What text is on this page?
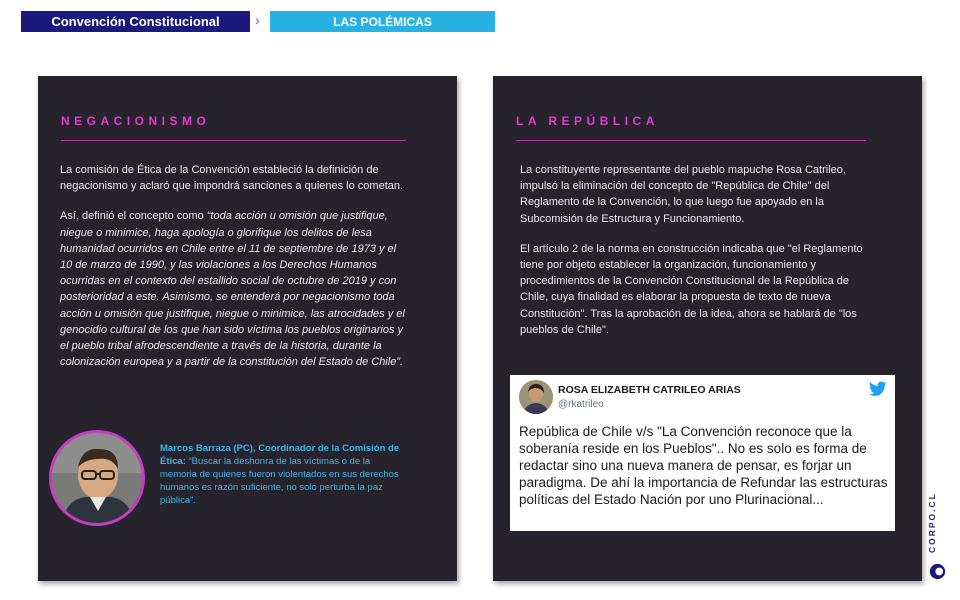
Convención Constitucional	›	LAS POLÉMICAS
NEGACIONISMO

La comisión de Ética de la Convención estableció la definición de negacionismo y aclaró que impondrá sanciones a quienes lo cometan.

Así, definió el concepto como “toda acción u omisión que justifique, niegue o minimice, haga apología o glorifique los delitos de lesa humanidad ocurridos en Chile entre el 11 de septiembre de 1973 y el 10 de marzo de 1990, y las violaciones a los Derechos Humanos ocurridas en el contexto del estallido social de octubre de 2019 y con posterioridad a este. Asimismo, se entenderá por negacionismo toda acción u omisión que justifique, niegue o minimice, las atrocidades y el genocidio cultural de los que han sido víctima los pueblos originarios y el pueblo tribal afrodescendiente a través de la historia, durante la colonización europea y a partir de la constitución del Estado de Chile”.

Marcos Barraza (PC), Coordinador de la Comisión de Ética: “Buscar la deshonra de las víctimas o de la memoria de quienes fueron violentados en sus derechos humanos es razón suficiente, no solo perturba la paz pública”.
LA REPÚBLICA

La constituyente representante del pueblo mapuche Rosa Catrileo, impulsó la eliminación del concepto de "República de Chile" del Reglamento de la Convención, lo que luego fue apoyado en la Subcomisión de Estructura y Funcionamiento.

El artículo 2 de la norma en construcción indicaba que "el Reglamento tiene por objeto establecer la organización, funcionamiento y procedimientos de la Convención Constitucional de la República de Chile, cuya finalidad es elaborar la propuesta de texto de nueva Constitución". Tras la aprobación de la idea, ahora se hablará de "los pueblos de Chile".

ROSA ELIZABETH CATRILEO ARIAS
@rkatrileo
República de Chile v/s "La Convención reconoce que la soberanía reside en los Pueblos".. No es solo es forma de redactar sino una nueva manera de pensar, es forjar un paradigma. De ahí la importancia de Refundar las estructuras políticas del Estado Nación por uno Plurinacional...	CORPO.CL
